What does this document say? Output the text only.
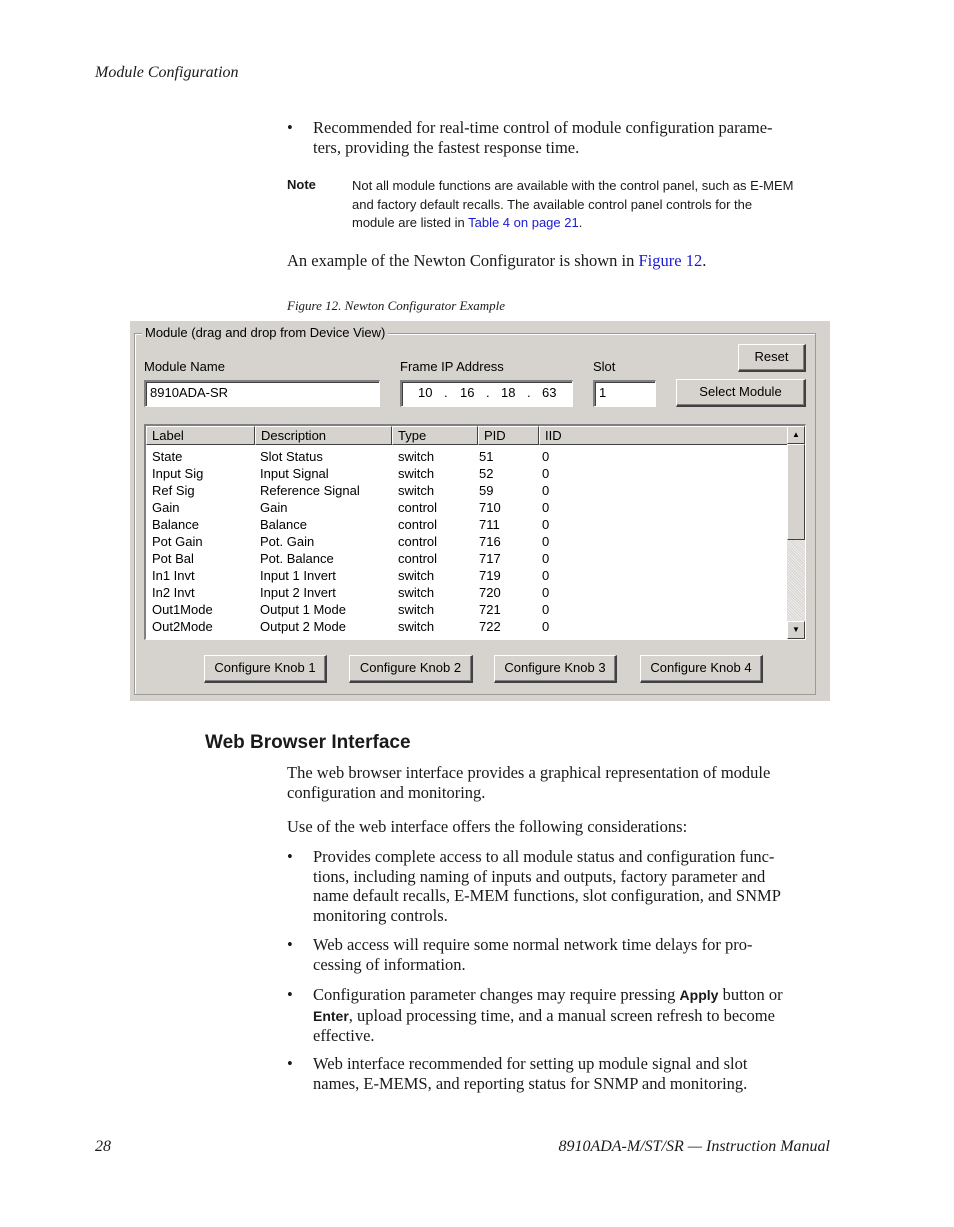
Module Configuration
• Recommended for real-time control of module configuration parame-
ters, providing the fastest response time.
Note	Not all module functions are available with the control panel, such as E-MEM
and factory default recalls. The available control panel controls for the
module are listed in Table 4 on page 21.
An example of the Newton Configurator is shown in Figure 12.
Figure 12. Newton Configurator Example
Module (drag and drop from Device View)
Module Name
8910ADA-SR
Frame IP Address
10 . 16 . 18 . 63
Slot
1
Reset
Select Module
Label	Description	Type	PID	IID
State	Slot Status	switch	51	0
Input Sig	Input Signal	switch	52	0
Ref Sig	Reference Signal	switch	59	0
Gain	Gain	control	710	0
Balance	Balance	control	711	0
Pot Gain	Pot. Gain	control	716	0
Pot Bal	Pot. Balance	control	717	0
In1 Invt	Input 1 Invert	switch	719	0
In2 Invt	Input 2 Invert	switch	720	0
Out1Mode	Output 1 Mode	switch	721	0
Out2Mode	Output 2 Mode	switch	722	0
▲
▼
Configure Knob 1	Configure Knob 2	Configure Knob 3	Configure Knob 4
Web Browser Interface
The web browser interface provides a graphical representation of module
configuration and monitoring.
Use of the web interface offers the following considerations:
• Provides complete access to all module status and configuration func-
tions, including naming of inputs and outputs, factory parameter and
name default recalls, E-MEM functions, slot configuration, and SNMP
monitoring controls.
• Web access will require some normal network time delays for pro-
cessing of information.
• Configuration parameter changes may require pressing Apply button or
Enter, upload processing time, and a manual screen refresh to become
effective.
• Web interface recommended for setting up module signal and slot
names, E-MEMS, and reporting status for SNMP and monitoring.
28	8910ADA-M/ST/SR — Instruction Manual
